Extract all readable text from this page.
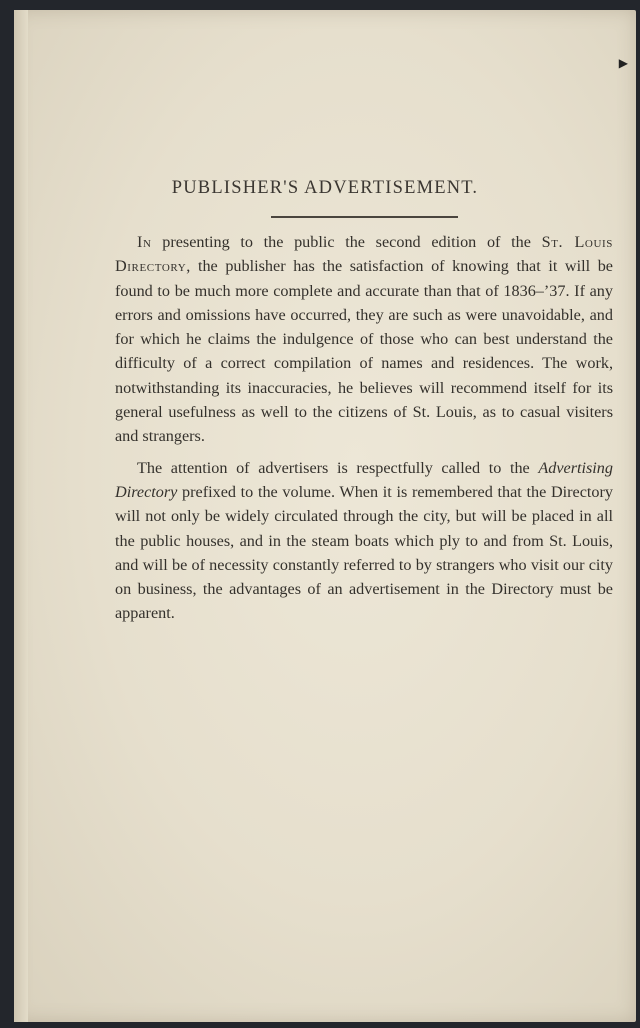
▶
PUBLISHER'S ADVERTISEMENT.

In presenting to the public the second edition of the St. Louis Directory, the publisher has the satisfaction of knowing that it will be found to be much more complete and accurate than that of 1836–’37. If any errors and omissions have occurred, they are such as were unavoidable, and for which he claims the indulgence of those who can best understand the difficulty of a correct compilation of names and residences. The work, notwithstanding its inaccuracies, he believes will recommend itself for its general usefulness as well to the citizens of St. Louis, as to casual visiters and strangers.

The attention of advertisers is respectfully called to the Advertising Directory prefixed to the volume. When it is remembered that the Directory will not only be widely circulated through the city, but will be placed in all the public houses, and in the steam boats which ply to and from St. Louis, and will be of necessity constantly referred to by strangers who visit our city on business, the advantages of an advertisement in the Directory must be apparent.
